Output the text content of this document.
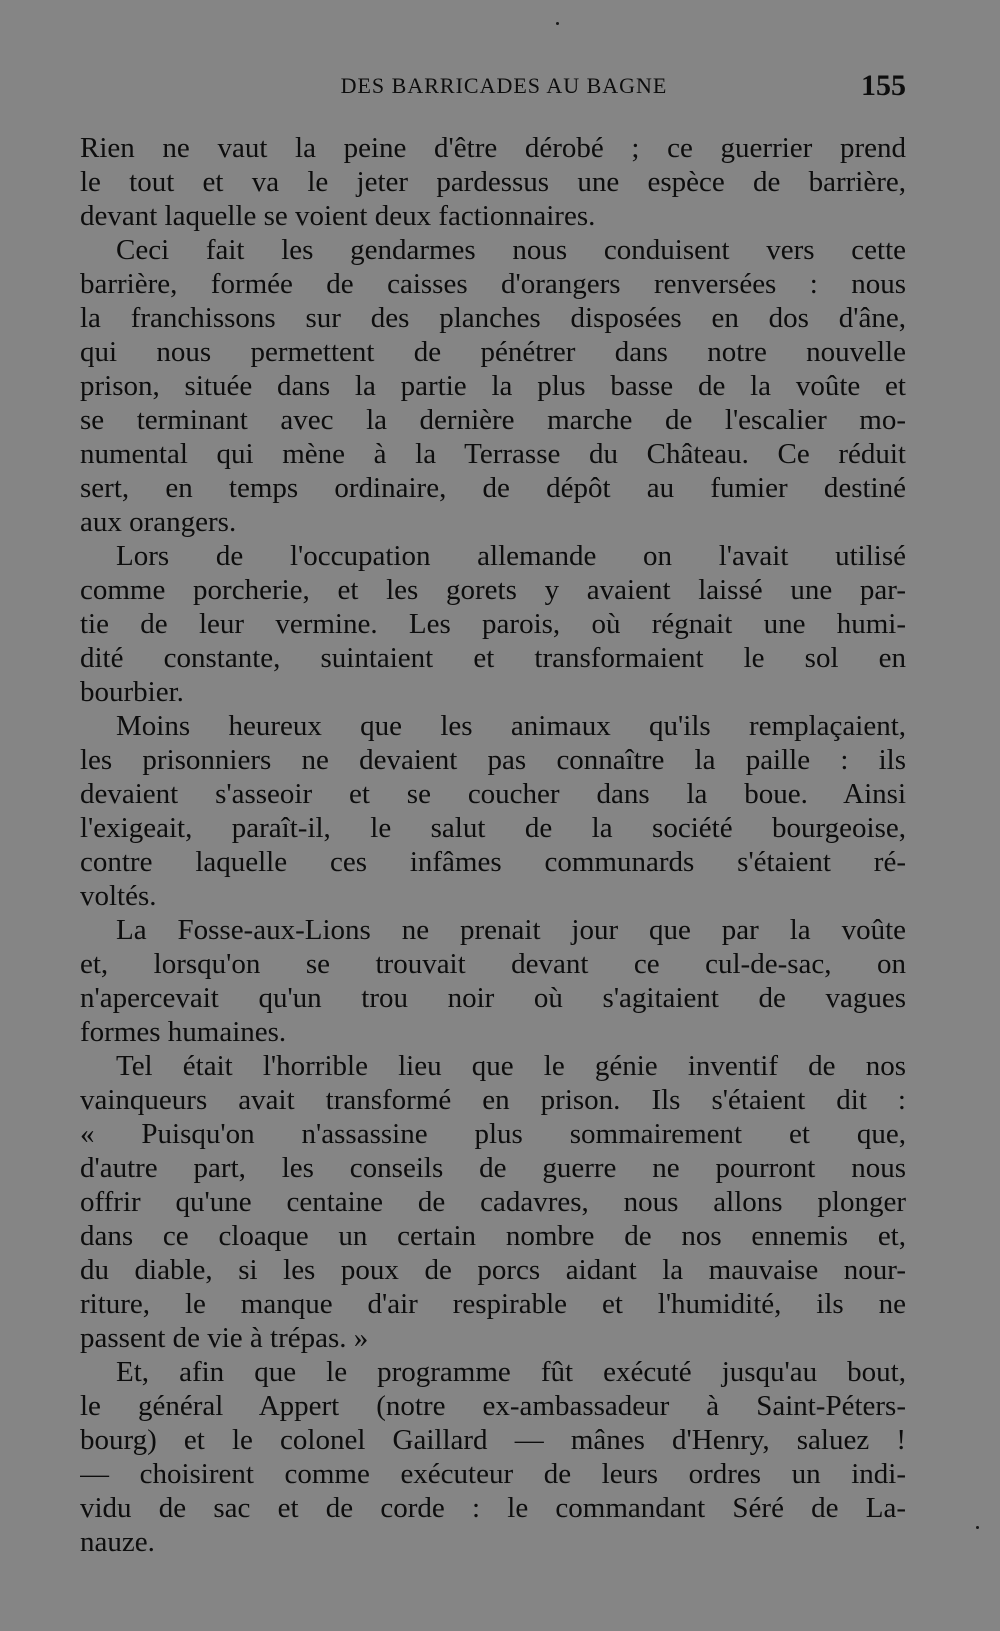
DES BARRICADES AU BAGNE	155
Rien ne vaut la peine d'être dérobé ; ce guerrier prend
le tout et va le jeter pardessus une espèce de barrière,
devant laquelle se voient deux factionnaires.
Ceci fait les gendarmes nous conduisent vers cette
barrière, formée de caisses d'orangers renversées : nous
la franchissons sur des planches disposées en dos d'âne,
qui nous permettent de pénétrer dans notre nouvelle
prison, située dans la partie la plus basse de la voûte et
se terminant avec la dernière marche de l'escalier mo-
numental qui mène à la Terrasse du Château. Ce réduit
sert, en temps ordinaire, de dépôt au fumier destiné
aux orangers.
Lors de l'occupation allemande on l'avait utilisé
comme porcherie, et les gorets y avaient laissé une par-
tie de leur vermine. Les parois, où régnait une humi-
dité constante, suintaient et transformaient le sol en
bourbier.
Moins heureux que les animaux qu'ils remplaçaient,
les prisonniers ne devaient pas connaître la paille : ils
devaient s'asseoir et se coucher dans la boue. Ainsi
l'exigeait, paraît-il, le salut de la société bourgeoise,
contre laquelle ces infâmes communards s'étaient ré-
voltés.
La Fosse-aux-Lions ne prenait jour que par la voûte
et, lorsqu'on se trouvait devant ce cul-de-sac, on
n'apercevait qu'un trou noir où s'agitaient de vagues
formes humaines.
Tel était l'horrible lieu que le génie inventif de nos
vainqueurs avait transformé en prison. Ils s'étaient dit :
« Puisqu'on n'assassine plus sommairement et que,
d'autre part, les conseils de guerre ne pourront nous
offrir qu'une centaine de cadavres, nous allons plonger
dans ce cloaque un certain nombre de nos ennemis et,
du diable, si les poux de porcs aidant la mauvaise nour-
riture, le manque d'air respirable et l'humidité, ils ne
passent de vie à trépas. »
Et, afin que le programme fût exécuté jusqu'au bout,
le général Appert (notre ex-ambassadeur à Saint-Péters-
bourg) et le colonel Gaillard — mânes d'Henry, saluez !
— choisirent comme exécuteur de leurs ordres un indi-
vidu de sac et de corde : le commandant Séré de La-
nauze.
